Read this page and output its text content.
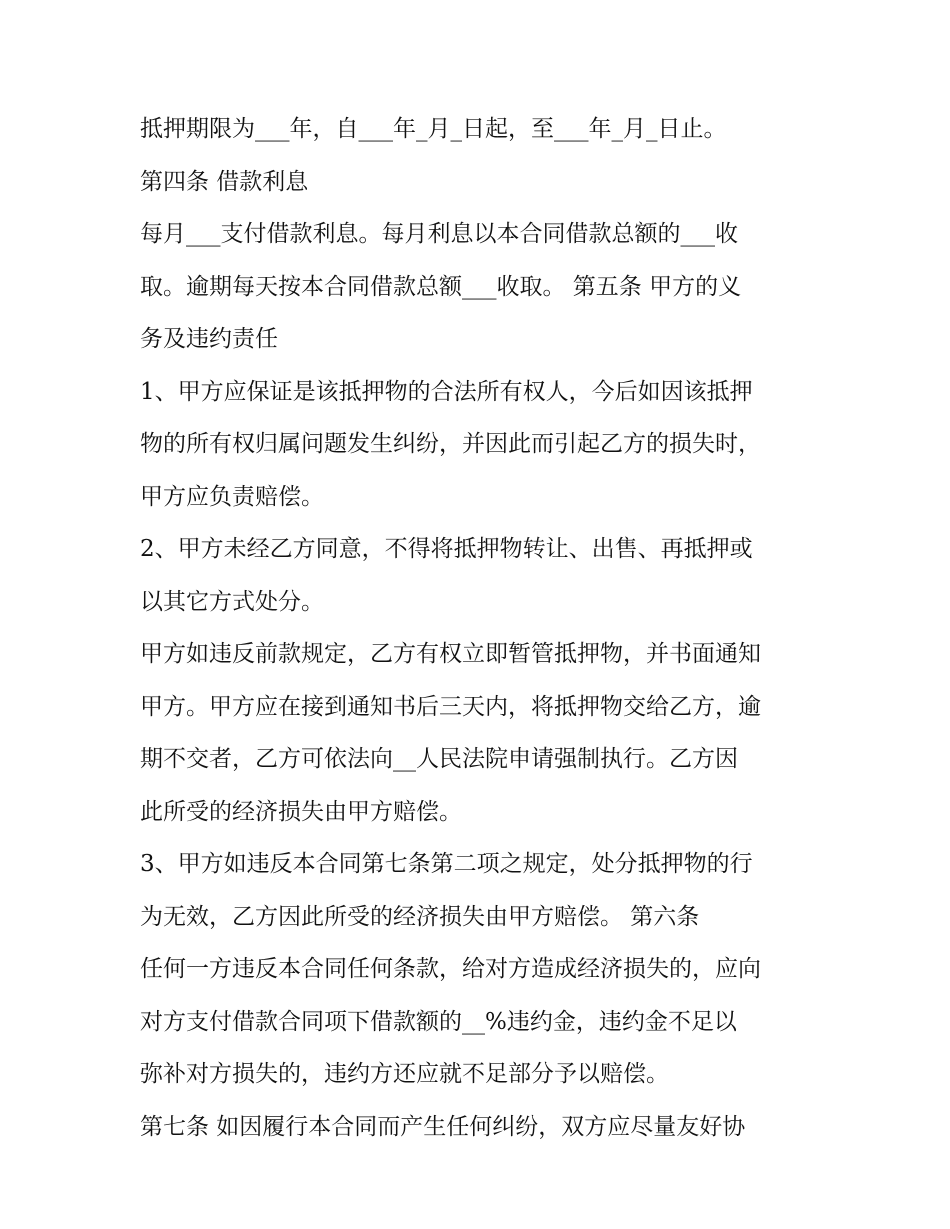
抵押期限为___年，自___年_月_日起，至___年_月_日止。
第四条 借款利息
每月___支付借款利息。每月利息以本合同借款总额的___收
取。逾期每天按本合同借款总额___收取。 第五条 甲方的义
务及违约责任
1、甲方应保证是该抵押物的合法所有权人，今后如因该抵押
物的所有权归属问题发生纠纷，并因此而引起乙方的损失时，
甲方应负责赔偿。
2、甲方未经乙方同意，不得将抵押物转让、出售、再抵押或
以其它方式处分。
甲方如违反前款规定，乙方有权立即暂管抵押物，并书面通知
甲方。甲方应在接到通知书后三天内，将抵押物交给乙方，逾
期不交者，乙方可依法向__人民法院申请强制执行。乙方因
此所受的经济损失由甲方赔偿。
3、甲方如违反本合同第七条第二项之规定，处分抵押物的行
为无效，乙方因此所受的经济损失由甲方赔偿。 第六条
任何一方违反本合同任何条款，给对方造成经济损失的，应向
对方支付借款合同项下借款额的__%违约金，违约金不足以
弥补对方损失的，违约方还应就不足部分予以赔偿。
第七条 如因履行本合同而产生任何纠纷，双方应尽量友好协
